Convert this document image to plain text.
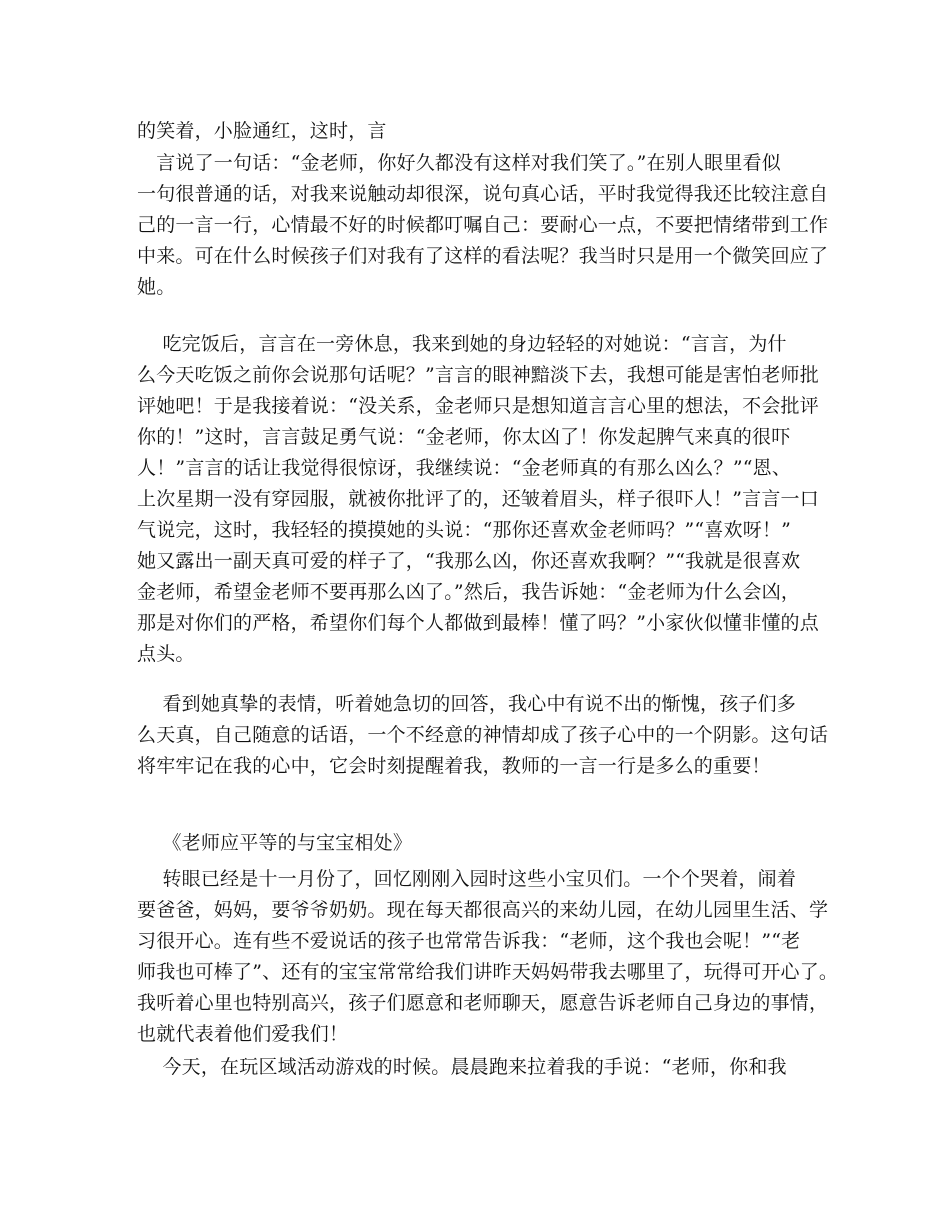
的笑着，小脸通红，这时，言
　言说了一句话：“金老师，你好久都没有这样对我们笑了。”在别人眼里看似
一句很普通的话，对我来说触动却很深，说句真心话，平时我觉得我还比较注意自
己的一言一行，心情最不好的时候都叮嘱自己：要耐心一点，不要把情绪带到工作
中来。可在什么时候孩子们对我有了这样的看法呢？我当时只是用一个微笑回应了
她。
　 吃完饭后，言言在一旁休息，我来到她的身边轻轻的对她说：“言言，为什
么今天吃饭之前你会说那句话呢？”言言的眼神黯淡下去，我想可能是害怕老师批
评她吧！于是我接着说：“没关系，金老师只是想知道言言心里的想法，不会批评
你的！”这时，言言鼓足勇气说：“金老师，你太凶了！你发起脾气来真的很吓
人！”言言的话让我觉得很惊讶，我继续说：“金老师真的有那么凶么？”“恩、
上次星期一没有穿园服，就被你批评了的，还皱着眉头，样子很吓人！”言言一口
气说完，这时，我轻轻的摸摸她的头说：“那你还喜欢金老师吗？”“喜欢呀！”
她又露出一副天真可爱的样子了，“我那么凶，你还喜欢我啊？”“我就是很喜欢
金老师，希望金老师不要再那么凶了。”然后，我告诉她：“金老师为什么会凶，
那是对你们的严格，希望你们每个人都做到最棒！懂了吗？”小家伙似懂非懂的点
点头。
　 看到她真挚的表情，听着她急切的回答，我心中有说不出的惭愧，孩子们多
么天真，自己随意的话语，一个不经意的神情却成了孩子心中的一个阴影。这句话
将牢牢记在我的心中，它会时刻提醒着我，教师的一言一行是多么的重要！
　 《老师应平等的与宝宝相处》
　 转眼已经是十一月份了，回忆刚刚入园时这些小宝贝们。一个个哭着，闹着
要爸爸，妈妈，要爷爷奶奶。现在每天都很高兴的来幼儿园，在幼儿园里生活、学
习很开心。连有些不爱说话的孩子也常常告诉我：“老师，这个我也会呢！”“老
师我也可棒了”、还有的宝宝常常给我们讲昨天妈妈带我去哪里了，玩得可开心了。
我听着心里也特别高兴，孩子们愿意和老师聊天，愿意告诉老师自己身边的事情，
也就代表着他们爱我们！
　 今天，在玩区域活动游戏的时候。晨晨跑来拉着我的手说：“老师，你和我
